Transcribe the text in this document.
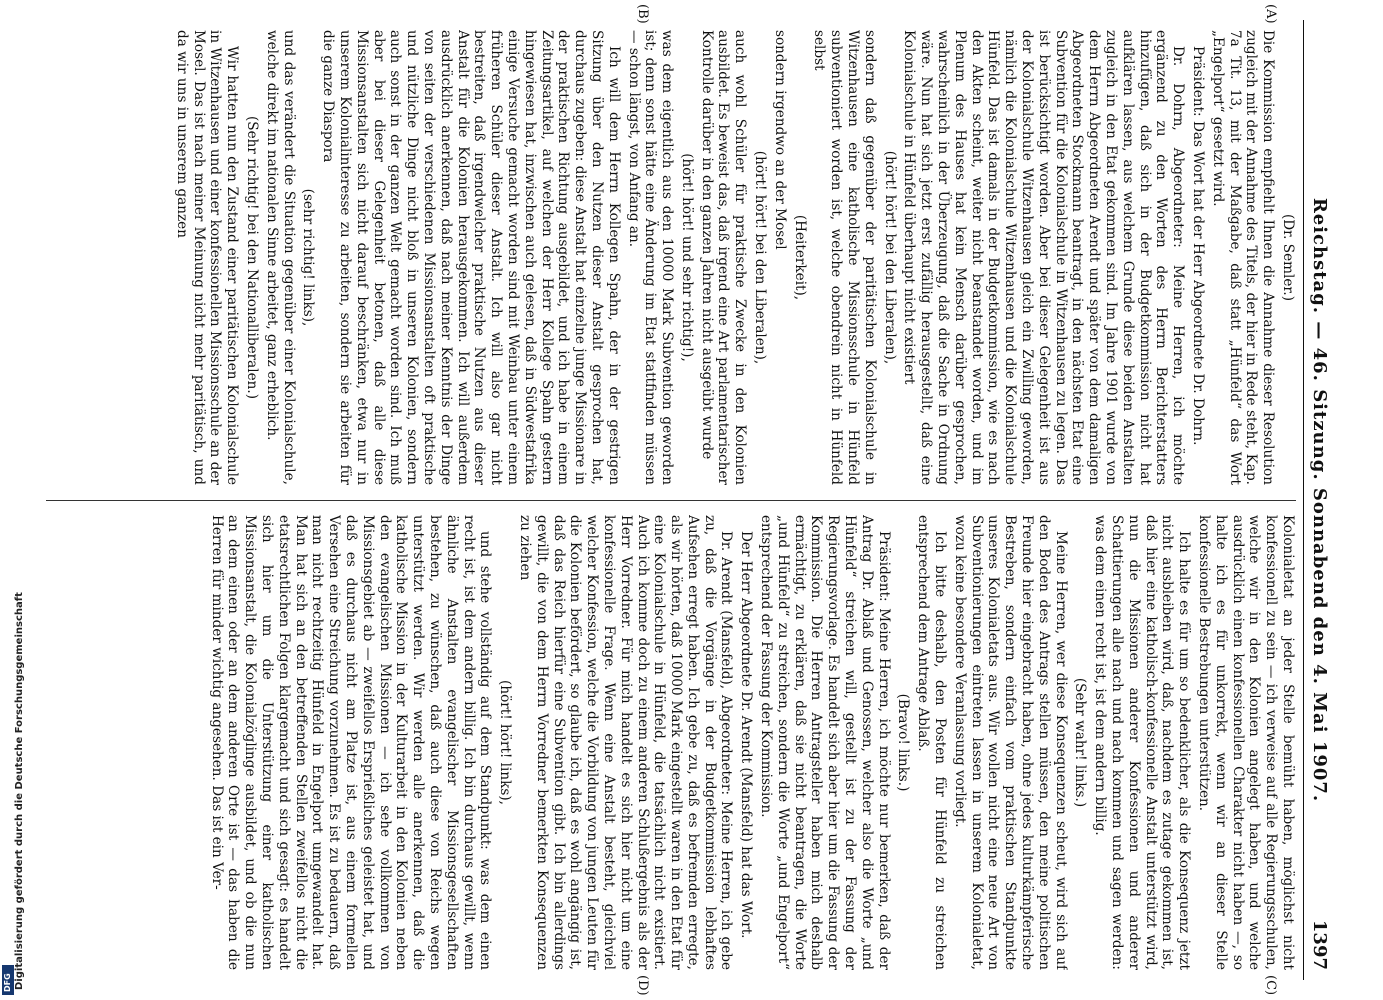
Digitalisierung gefördert durch die Deutsche Forschungsgemeinschaft
DFG
Reichstag. — 46. Sitzung. Sonnabend den 4. Mai 1907.
1397
(A)
(B)
(C)
(D)

(Dr. Semler.)

Die Kommission empfiehlt Ihnen die Annahme dieser Resolution zugleich mit der Annahme des Titels, der hier in Rede steht, Kap. 7a Tit. 13, mit der Maßgabe, daß statt „Hünfeld“ das Wort „Engelport“ gesetzt wird.

Präsident: Das Wort hat der Herr Abgeordnete Dr. Dohrn.

Dr. Dohrn, Abgeordneter: Meine Herren, ich möchte ergänzend zu den Worten des Herrn Berichterstatters hinzufügen, daß sich in der Budgetkommission nicht hat aufklären lassen, aus welchem Grunde diese beiden Anstalten zugleich in den Etat gekommen sind. Im Jahre 1901 wurde von dem Herrn Abgeordneten Arendt und später von dem damaligen Abgeordneten Stockmann beantragt, in den nächsten Etat eine Subvention für die Kolonialschule in Witzenhausen zu legen. Das ist berücksichtigt worden. Aber bei dieser Gelegenheit ist aus der Kolonialschule Witzenhausen gleich ein Zwilling geworden, nämlich die Kolonialschule Witzenhausen und die Kolonialschule Hünfeld. Das ist damals in der Budgetkommission, wie es nach den Akten scheint, weiter nicht beanstandet worden, und im Plenum des Hauses hat kein Mensch darüber gesprochen, wahrscheinlich in der Überzeugung, daß die Sache in Ordnung wäre. Nun hat sich jetzt erst zufällig herausgestellt, daß eine Kolonialschule in Hünfeld überhaupt nicht existiert

(hört! hört! bei den Liberalen),

sondern daß gegenüber der paritätischen Kolonialschule in Witzenhausen eine katholische Missionsschule in Hünfeld subventioniert worden ist, welche obendrein nicht in Hünfeld selbst

(Heiterkeit),

sondern irgendwo an der Mosel

(hört! hört! bei den Liberalen),

auch wohl Schüler für praktische Zwecke in den Kolonien ausbildet. Es beweist das, daß irgend eine Art parlamentarischer Kontrolle darüber in den ganzen Jahren nicht ausgeübt wurde

(hört! hört! und sehr richtig!),

was dem eigentlich aus den 10000 Mark Subvention geworden ist; denn sonst hätte eine Änderung im Etat stattfinden müssen — schon längst, von Anfang an.

Ich will dem Herrn Kollegen Spahn, der in der gestrigen Sitzung über den Nutzen dieser Anstalt gesprochen hat, durchaus zugeben: diese Anstalt hat einzelne junge Missionare in der praktischen Richtung ausgebildet, und ich habe in einem Zeitungsartikel, auf welchen der Herr Kollege Spahn gestern hingewiesen hat, inzwischen auch gelesen, daß in Südwestafrika einige Versuche gemacht worden sind mit Weinbau unter einem früheren Schüler dieser Anstalt. Ich will also gar nicht bestreiten, daß irgendwelcher praktische Nutzen aus dieser Anstalt für die Kolonien herausgekommen. Ich will außerdem ausdrücklich anerkennen, daß nach meiner Kenntnis der Dinge von seiten der verschiedenen Missionsanstalten oft praktische und nützliche Dinge nicht bloß in unseren Kolonien, sondern auch sonst in der ganzen Welt gemacht worden sind. Ich muß aber bei dieser Gelegenheit betonen, daß alle diese Missionsanstalten sich nicht darauf beschränken, etwa nur in unserem Kolonialinteresse zu arbeiten, sondern sie arbeiten für die ganze Diaspora

(sehr richtig! links),

und das verändert die Situation gegenüber einer Kolonialschule, welche direkt im nationalen Sinne arbeitet, ganz erheblich.

(Sehr richtig! bei den Nationalliberalen.)

Wir hatten nun den Zustand einer paritätischen Kolonialschule in Witzenhausen und einer konfessionellen Missionsschule an der Mosel. Das ist nach meiner Meinung nicht mehr paritätisch, und da wir uns in unserem ganzen

Kolonialetat an jeder Stelle bemüht haben, möglichst nicht konfessionell zu sein — ich verweise auf alle Regierungsschulen, welche wir in den Kolonien angelegt haben, und welche ausdrücklich einen konfessionellen Charakter nicht haben —, so halte ich es für unkorrekt, wenn wir an dieser Stelle konfessionelle Bestrebungen unterstützen.

Ich halte es für um so bedenklicher, als die Konsequenz jetzt nicht ausbleiben wird, daß, nachdem es zutage gekommen ist, daß hier eine katholisch-konfessionelle Anstalt unterstützt wird, nun die Missionen anderer Konfessionen und anderer Schattierungen alle nach und nach kommen und sagen werden: was dem einen recht ist, ist dem andern billig.

(Sehr wahr! links.)

Meine Herren, wer diese Konsequenzen scheut, wird sich auf den Boden des Antrags stellen müssen, den meine politischen Freunde hier eingebracht haben, ohne jedes kulturkämpferische Bestreben, sondern einfach vom praktischen Standpunkte unseres Kolonialetats aus. Wir wollen nicht eine neue Art von Subventionierungen eintreten lassen in unserem Kolonialetat, wozu keine besondere Veranlassung vorliegt.

Ich bitte deshalb, den Posten für Hünfeld zu streichen entsprechend dem Antrage Ablaß.

(Bravo! links.)

Präsident: Meine Herren, ich möchte nur bemerken, daß der Antrag Dr. Ablaß und Genossen, welcher also die Worte „und Hünfeld“ streichen will, gestellt ist zu der Fassung der Regierungsvorlage. Es handelt sich aber hier um die Fassung der Kommission. Die Herren Antragsteller haben mich deshalb ermächtigt, zu erklären, daß sie nicht beantragen, die Worte „und Hünfeld“ zu streichen, sondern die Worte „und Engelport“ entsprechend der Fassung der Kommission.

Der Herr Abgeordnete Dr. Arendt (Mansfeld) hat das Wort.

Dr. Arendt (Mansfeld), Abgeordneter: Meine Herren, ich gebe zu, daß die Vorgänge in der Budgetkommission lebhaftes Aufsehen erregt haben. Ich gebe zu, daß es befremden erregte, als wir hörten, daß 10000 Mark eingestellt waren in den Etat für eine Kolonialschule in Hünfeld, die tatsächlich nicht existiert. Auch ich komme doch zu einem anderen Schlußergebnis als der Herr Vorredner. Für mich handelt es sich hier nicht um eine konfessionelle Frage. Wenn eine Anstalt besteht, gleichviel welcher Konfession, welche die Vorbildung von jungen Leuten für die Kolonien befördert, so glaube ich, daß es wohl angängig ist, daß das Reich hierfür eine Subvention gibt. Ich bin allerdings gewillt, die von dem Herrn Vorredner bemerkten Konsequenzen zu ziehen

(hört! hört! links),

und stehe vollständig auf dem Standpunkt: was dem einen recht ist, ist dem andern billig. Ich bin durchaus gewillt, wenn ähnliche Anstalten evangelischer Missionsgesellschaften bestehen, zu wünschen, daß auch diese von Reichs wegen unterstützt werden. Wir werden alle anerkennen, daß die katholische Mission in der Kulturarbeit in den Kolonien neben den evangelischen Missionen — ich sehe vollkommen von Missionsgebiet ab — zweifellos Ersprießliches geleistet hat, und daß es durchaus nicht am Platze ist, aus einem formellen Versehen eine Streichung vorzunehmen. Es ist zu bedauern, daß man nicht rechtzeitig Hünfeld in Engelport umgewandelt hat. Man hat sich an den betreffenden Stellen zweifellos nicht die etatsrechtlichen Folgen klargemacht und sich gesagt: es handelt sich hier um die Unterstützung einer katholischen Missionsanstalt, die Kolonialzöglinge ausbildet, und ob die nun an dem einen oder an dem anderen Orte ist — das haben die Herren für minder wichtig angesehen. Das ist ein Ver-
